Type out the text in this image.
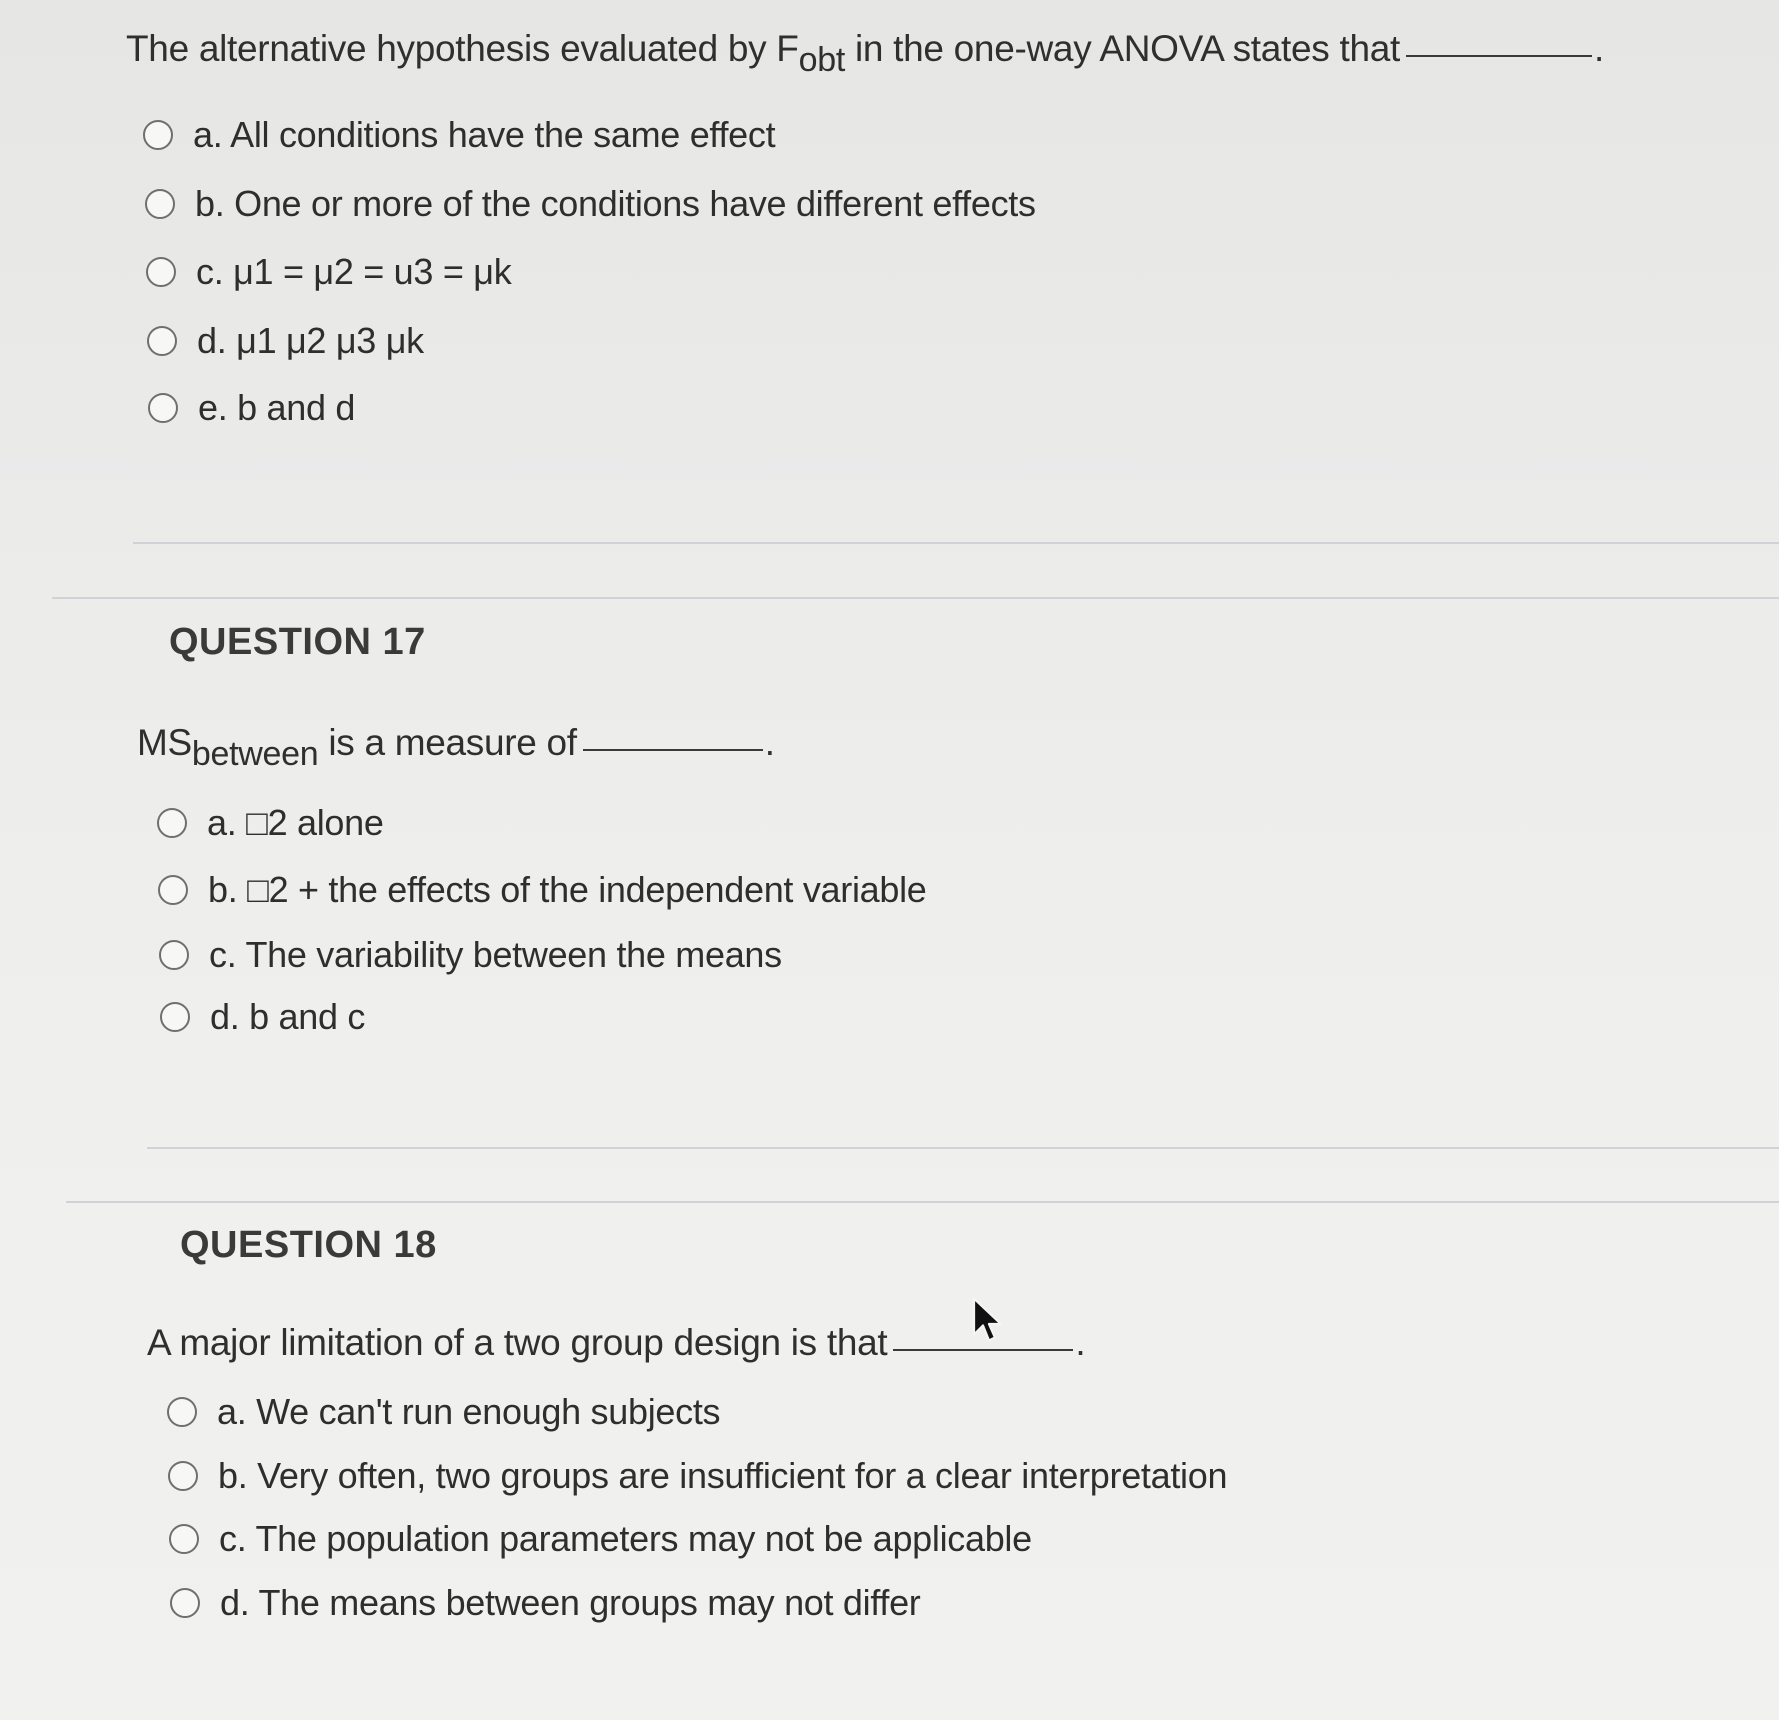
The alternative hypothesis evaluated by $F_{obt}$ in the one-way ANOVA states that	.
a. All conditions have the same effect
b. One or more of the conditions have different effects
c. μ1 = μ2 = u3 = μk
d. μ1 μ2 μ3 μk
e. b and d
QUESTION 17
$MS_{between}$ is a measure of	.
a. □2 alone
b. □2 + the effects of the independent variable
c. The variability between the means
d. b and c
QUESTION 18
A major limitation of a two group design is that	.
a. We can't run enough subjects
b. Very often, two groups are insufficient for a clear interpretation
c. The population parameters may not be applicable
d. The means between groups may not differ
